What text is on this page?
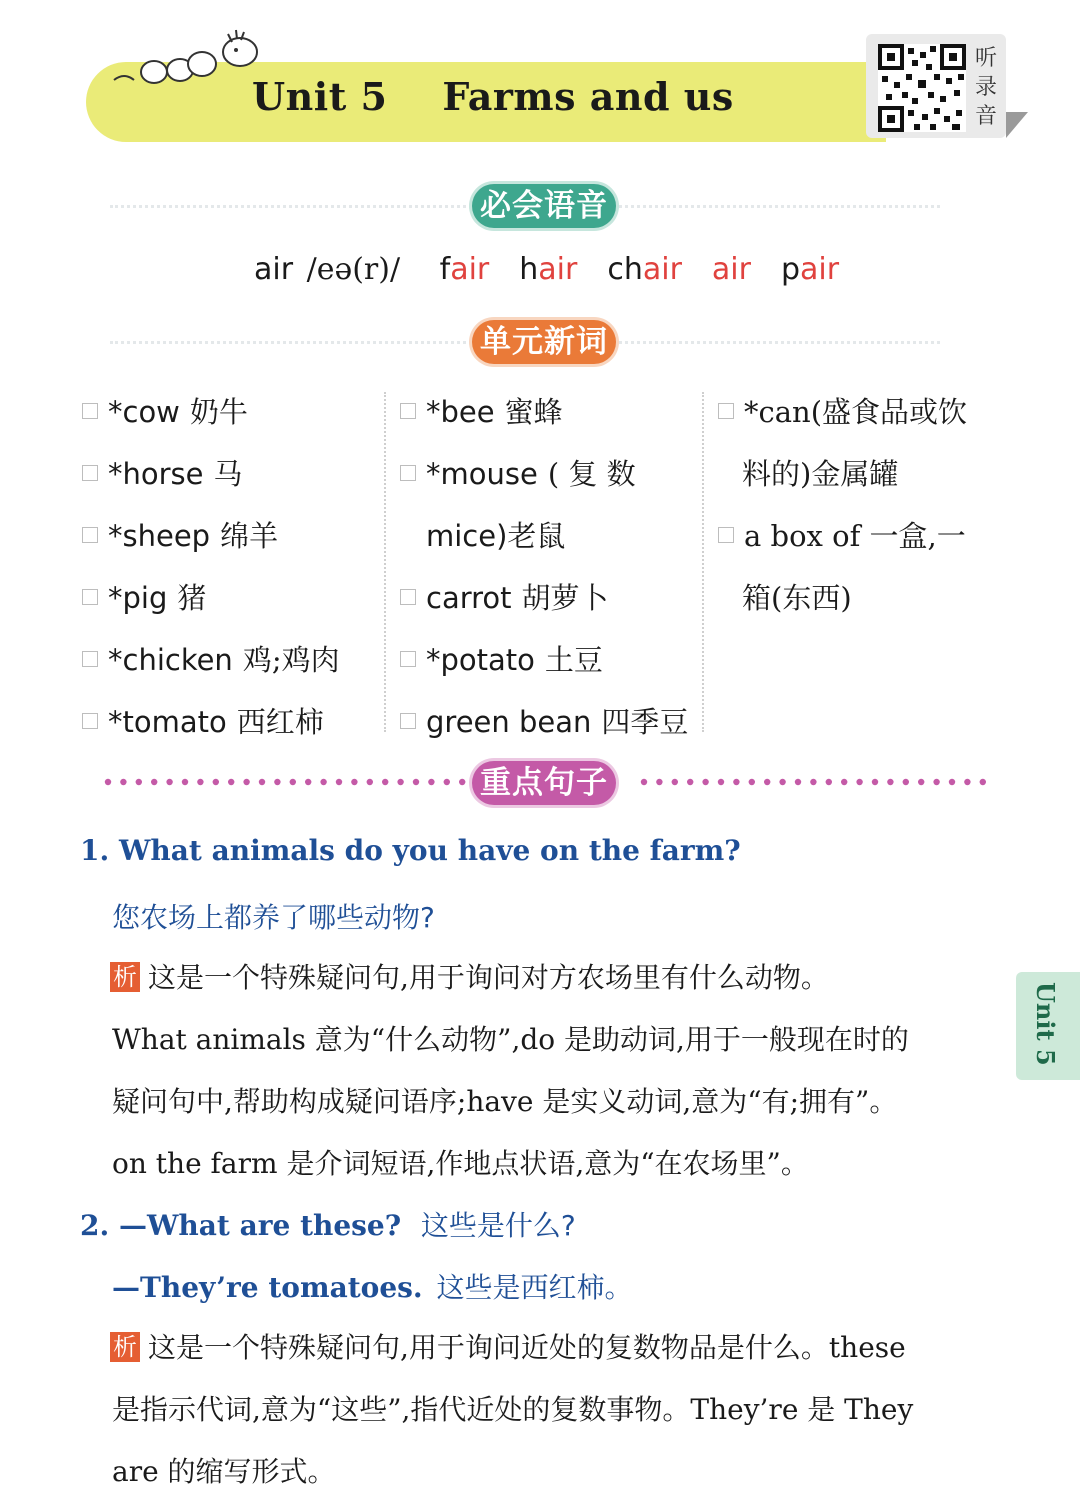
Unit 5    Farms and us
听录音
必会语音
air /eə(r)/ fair hair chair air pair
单元新词
*cow 奶牛
*horse 马
*sheep 绵羊
*pig 猪
*chicken 鸡;鸡肉
*tomato 西红柿
*bee 蜜蜂
*mouse ( 复 数
mice)老鼠
carrot 胡萝卜
*potato 土豆
green bean 四季豆
*can(盛食品或饮
料的)金属罐
a box of 一盒,一
箱(东西)
重点句子
1. What animals do you have on the farm?
您农场上都养了哪些动物?
析 这是一个特殊疑问句,用于询问对方农场里有什么动物。
What animals 意为“什么动物”,do 是助动词,用于一般现在时的
疑问句中,帮助构成疑问语序;have 是实义动词,意为“有;拥有”。
on the farm 是介词短语,作地点状语,意为“在农场里”。
2. —What are these? 这些是什么?
—They’re tomatoes. 这些是西红柿。
析 这是一个特殊疑问句,用于询问近处的复数物品是什么。these
是指示代词,意为“这些”,指代近处的复数事物。They’re 是 They
are 的缩写形式。
Unit 5
